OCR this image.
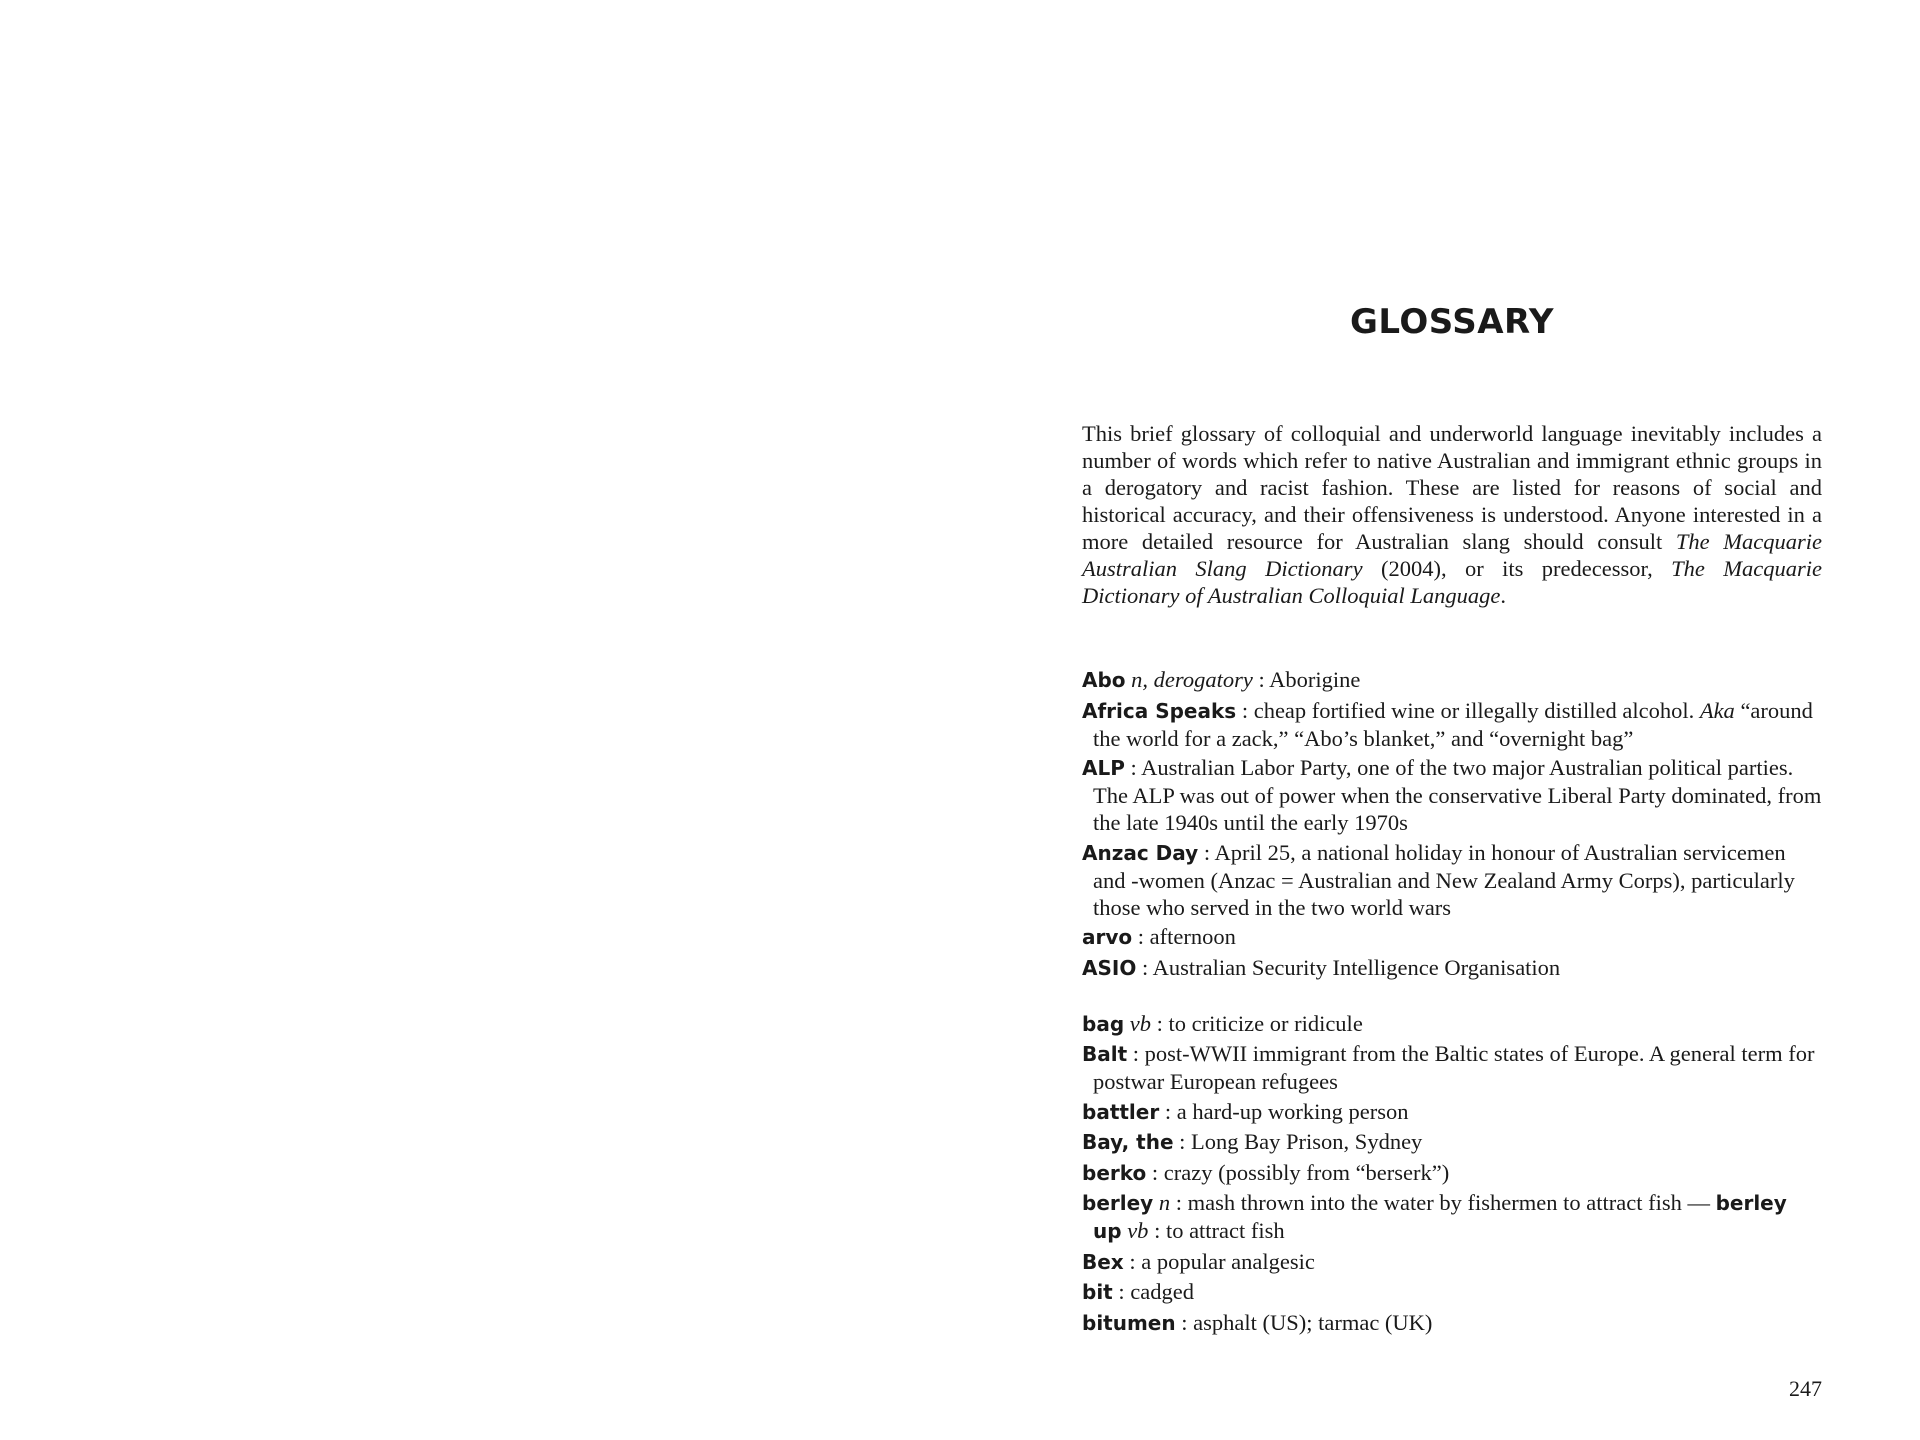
GLOSSARY

This brief glossary of colloquial and underworld language inevitably includes a number of words which refer to native Australian and immigrant ethnic groups in a derogatory and racist fashion. These are listed for reasons of social and historical accuracy, and their offensiveness is understood. Anyone interested in a more detailed resource for Australian slang should consult The Macquarie Australian Slang Dictionary (2004), or its predecessor, The Macquarie Dictionary of Australian Colloquial Language.

Abo n, derogatory : Aborigine

Africa Speaks : cheap fortified wine or illegally distilled alcohol. Aka “around the world for a zack,” “Abo’s blanket,” and “overnight bag”

ALP : Australian Labor Party, one of the two major Australian political parties. The ALP was out of power when the conservative Liberal Party dominated, from the late 1940s until the early 1970s

Anzac Day : April 25, a national holiday in honour of Australian servicemen and -women (Anzac = Australian and New Zealand Army Corps), particularly those who served in the two world wars

arvo : afternoon

ASIO : Australian Security Intelligence Organisation

bag vb : to criticize or ridicule

Balt : post-WWII immigrant from the Baltic states of Europe. A general term for postwar European refugees

battler : a hard-up working person

Bay, the : Long Bay Prison, Sydney

berko : crazy (possibly from “berserk”)

berley n : mash thrown into the water by fishermen to attract fish — berley up vb : to attract fish

Bex : a popular analgesic

bit : cadged

bitumen : asphalt (US); tarmac (UK)

247
